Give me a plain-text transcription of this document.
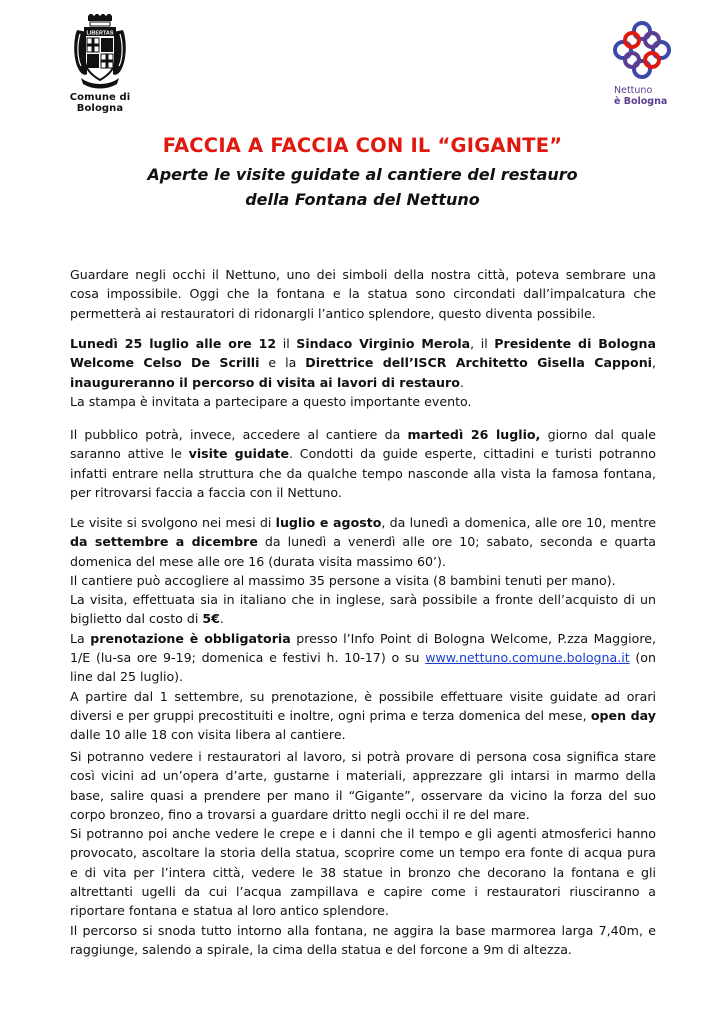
LIBERTAS
Comune di Bologna
Nettuno
è Bologna
FACCIA A FACCIA CON IL “GIGANTE”
Aperte le visite guidate al cantiere del restauro
della Fontana del Nettuno

Guardare negli occhi il Nettuno, uno dei simboli della nostra città, poteva sembrare una cosa impossibile. Oggi che la fontana e la statua sono circondati dall’impalcatura che permetterà ai restauratori di ridonargli l’antico splendore, questo diventa possibile.

Lunedì 25 luglio alle ore 12 il Sindaco Virginio Merola, il Presidente di Bologna Welcome Celso De Scrilli e la Direttrice dell’ISCR Architetto Gisella Capponi, inaugureranno il percorso di visita ai lavori di restauro.

La stampa è invitata a partecipare a questo importante evento.

Il pubblico potrà, invece, accedere al cantiere da martedì 26 luglio, giorno dal quale saranno attive le visite guidate. Condotti da guide esperte, cittadini e turisti potranno infatti entrare nella struttura che da qualche tempo nasconde alla vista la famosa fontana, per ritrovarsi faccia a faccia con il Nettuno.

Le visite si svolgono nei mesi di luglio e agosto, da lunedì a domenica, alle ore 10, mentre da settembre a dicembre da lunedì a venerdì alle ore 10; sabato, seconda e quarta domenica del mese alle ore 16 (durata visita massimo 60’).

Il cantiere può accogliere al massimo 35 persone a visita (8 bambini tenuti per mano).

La visita, effettuata sia in italiano che in inglese, sarà possibile a fronte dell’acquisto di un biglietto dal costo di 5€.

La prenotazione è obbligatoria presso l’Info Point di Bologna Welcome, P.zza Maggiore, 1/E (lu-sa ore 9-19; domenica e festivi h. 10-17) o su www.nettuno.comune.bologna.it (on line dal 25 luglio).

A partire dal 1 settembre, su prenotazione, è possibile effettuare visite guidate ad orari diversi e per gruppi precostituiti e inoltre, ogni prima e terza domenica del mese, open day dalle 10 alle 18 con visita libera al cantiere.

Si potranno vedere i restauratori al lavoro, si potrà provare di persona cosa significa stare così vicini ad un’opera d’arte, gustarne i materiali, apprezzare gli intarsi in marmo della base, salire quasi a prendere per mano il “Gigante”, osservare da vicino la forza del suo corpo bronzeo, fino a trovarsi a guardare dritto negli occhi il re del mare.

Si potranno poi anche vedere le crepe e i danni che il tempo e gli agenti atmosferici hanno provocato, ascoltare la storia della statua, scoprire come un tempo era fonte di acqua pura e di vita per l’intera città, vedere le 38 statue in bronzo che decorano la fontana e gli altrettanti ugelli da cui l’acqua zampillava e capire come i restauratori riusciranno a riportare fontana e statua al loro antico splendore.

Il percorso si snoda tutto intorno alla fontana, ne aggira la base marmorea larga 7,40m, e raggiunge, salendo a spirale, la cima della statua e del forcone a 9m di altezza.
